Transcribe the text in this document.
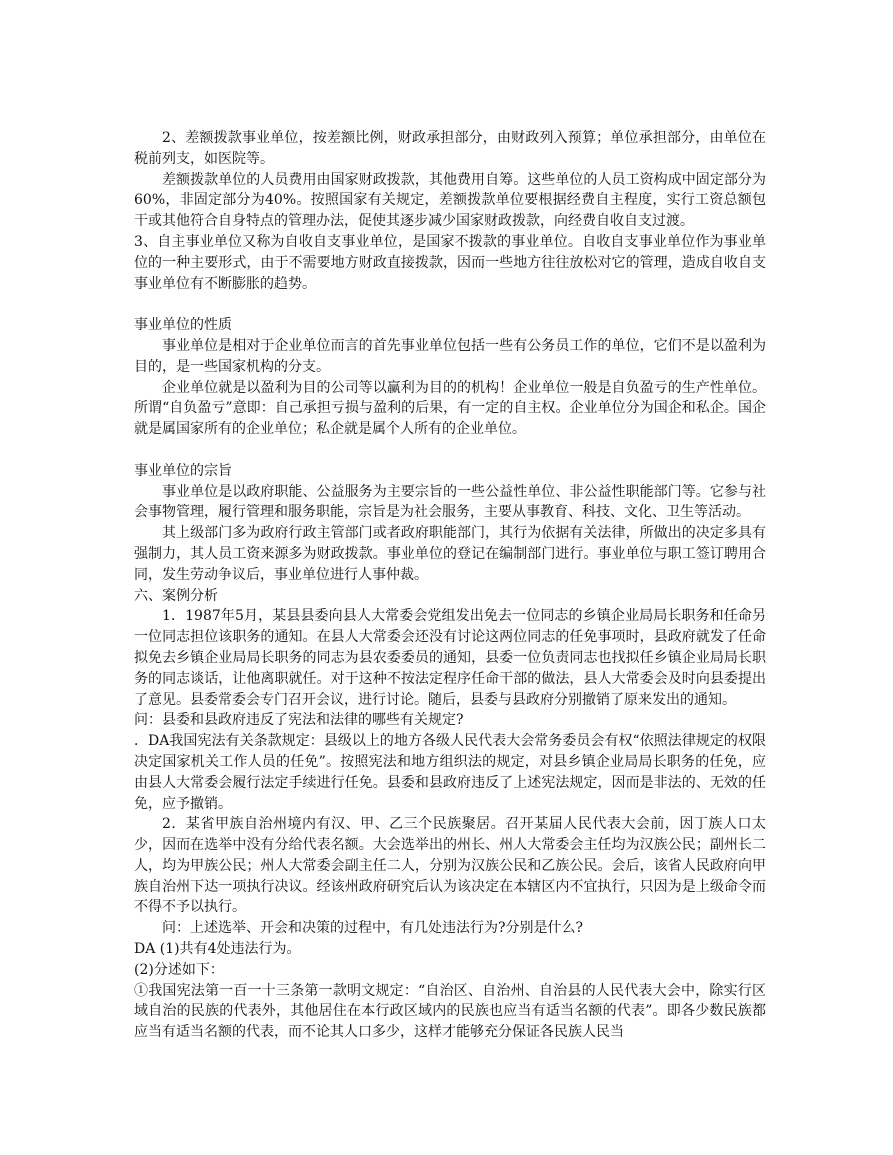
2、差额拨款事业单位，按差额比例，财政承担部分，由财政列入预算；单位承担部分，由单位在税前列支，如医院等。

差额拨款单位的人员费用由国家财政拨款，其他费用自筹。这些单位的人员工资构成中固定部分为60%，非固定部分为40%。按照国家有关规定，差额拨款单位要根据经费自主程度，实行工资总额包干或其他符合自身特点的管理办法，促使其逐步减少国家财政拨款，向经费自收自支过渡。

3、自主事业单位又称为自收自支事业单位，是国家不拨款的事业单位。自收自支事业单位作为事业单位的一种主要形式，由于不需要地方财政直接拨款，因而一些地方往往放松对它的管理，造成自收自支事业单位有不断膨胀的趋势。

事业单位的性质

事业单位是相对于企业单位而言的首先事业单位包括一些有公务员工作的单位，它们不是以盈利为目的，是一些国家机构的分支。

企业单位就是以盈利为目的公司等以赢利为目的的机构！企业单位一般是自负盈亏的生产性单位。所谓“自负盈亏”意即：自己承担亏损与盈利的后果，有一定的自主权。企业单位分为国企和私企。国企就是属国家所有的企业单位；私企就是属个人所有的企业单位。

事业单位的宗旨

事业单位是以政府职能、公益服务为主要宗旨的一些公益性单位、非公益性职能部门等。它参与社会事物管理，履行管理和服务职能，宗旨是为社会服务，主要从事教育、科技、文化、卫生等活动。

其上级部门多为政府行政主管部门或者政府职能部门，其行为依据有关法律，所做出的决定多具有强制力，其人员工资来源多为财政拨款。事业单位的登记在编制部门进行。事业单位与职工签订聘用合同，发生劳动争议后，事业单位进行人事仲裁。

六、案例分析

1．1987年5月，某县县委向县人大常委会党组发出免去一位同志的乡镇企业局局长职务和任命另一位同志担位该职务的通知。在县人大常委会还没有讨论这两位同志的任免事项时，县政府就发了任命拟免去乡镇企业局局长职务的同志为县农委委员的通知，县委一位负责同志也找拟任乡镇企业局局长职务的同志谈话，让他离职就任。对于这种不按法定程序任命干部的做法，县人大常委会及时向县委提出了意见。县委常委会专门召开会议，进行讨论。随后，县委与县政府分别撤销了原来发出的通知。

问：县委和县政府违反了宪法和法律的哪些有关规定?

．DA我国宪法有关条款规定：县级以上的地方各级人民代表大会常务委员会有权“依照法律规定的权限决定国家机关工作人员的任免”。按照宪法和地方组织法的规定，对县乡镇企业局局长职务的任免，应由县人大常委会履行法定手续进行任免。县委和县政府违反了上述宪法规定，因而是非法的、无效的任免，应予撤销。

2．某省甲族自治州境内有汉、甲、乙三个民族聚居。召开某届人民代表大会前，因丁族人口太少，因而在选举中没有分给代表名额。大会选举出的州长、州人大常委会主任均为汉族公民；副州长二人，均为甲族公民；州人大常委会副主任二人，分别为汉族公民和乙族公民。会后，该省人民政府向甲族自治州下达一项执行决议。经该州政府研究后认为该决定在本辖区内不宜执行，只因为是上级命令而不得不予以执行。

问：上述选举、开会和决策的过程中，有几处违法行为?分别是什么?

DA (1)共有4处违法行为。

(2)分述如下：

①我国宪法第一百一十三条第一款明文规定：“自治区、自治州、自治县的人民代表大会中，除实行区域自治的民族的代表外，其他居住在本行政区域内的民族也应当有适当名额的代表”。即各少数民族都应当有适当名额的代表，而不论其人口多少，这样才能够充分保证各民族人民当
